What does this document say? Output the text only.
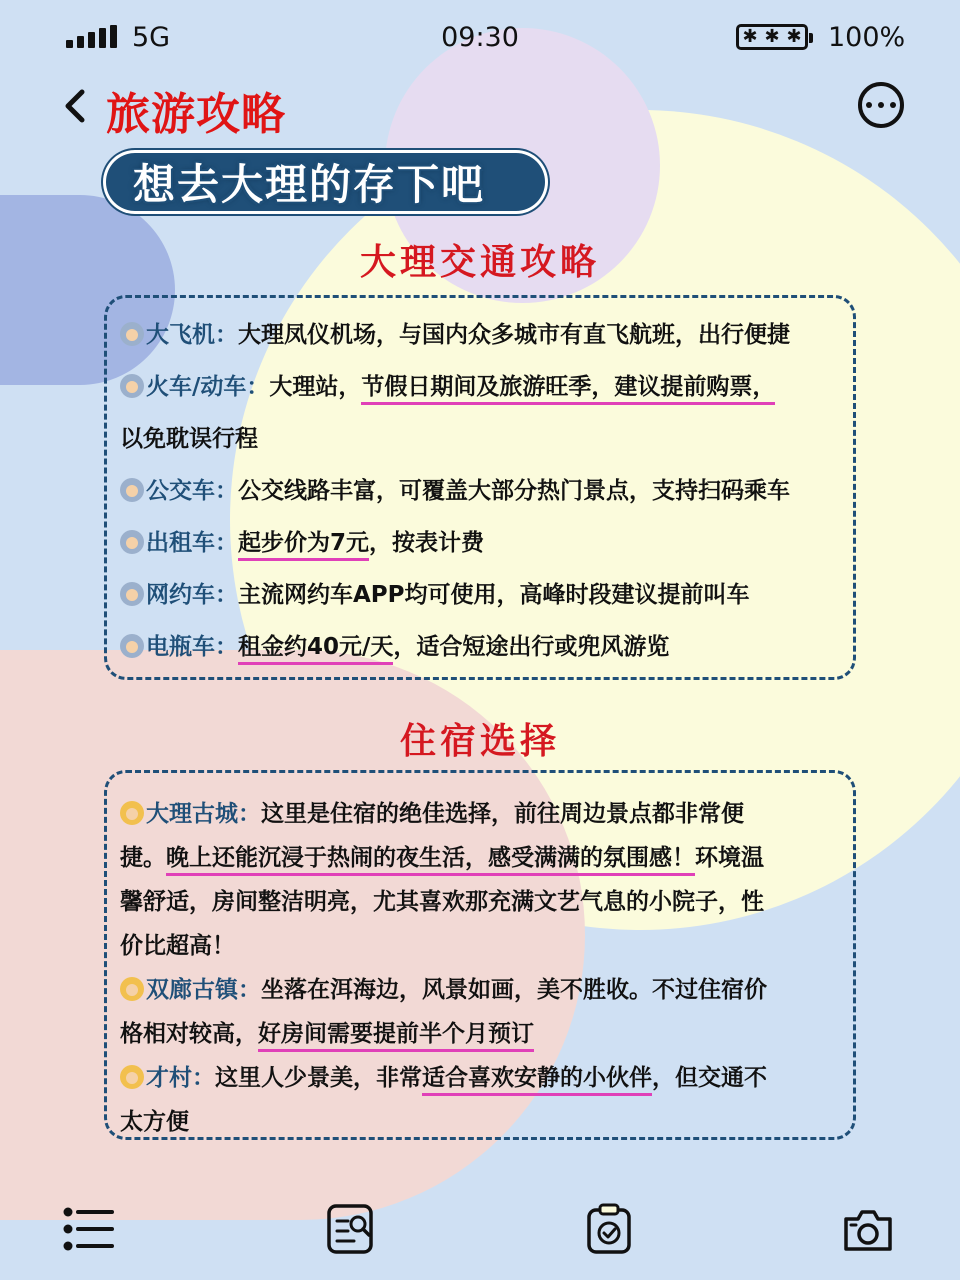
5G	09:30	✱ ✱ ✱ 100%
旅游攻略
想去大理的存下吧
大理交通攻略
大飞机：大理凤仪机场，与国内众多城市有直飞航班，出行便捷
火车/动车：大理站，节假日期间及旅游旺季，建议提前购票，
以免耽误行程
公交车：公交线路丰富，可覆盖大部分热门景点，支持扫码乘车
出租车：起步价为7元，按表计费
网约车：主流网约车APP均可使用，高峰时段建议提前叫车
电瓶车：租金约40元/天，适合短途出行或兜风游览
住宿选择
大理古城：这里是住宿的绝佳选择，前往周边景点都非常便
捷。晚上还能沉浸于热闹的夜生活，感受满满的氛围感！环境温
馨舒适，房间整洁明亮，尤其喜欢那充满文艺气息的小院子，性
价比超高！
双廊古镇：坐落在洱海边，风景如画，美不胜收。不过住宿价
格相对较高，好房间需要提前半个月预订
才村：这里人少景美，非常适合喜欢安静的小伙伴，但交通不
太方便
